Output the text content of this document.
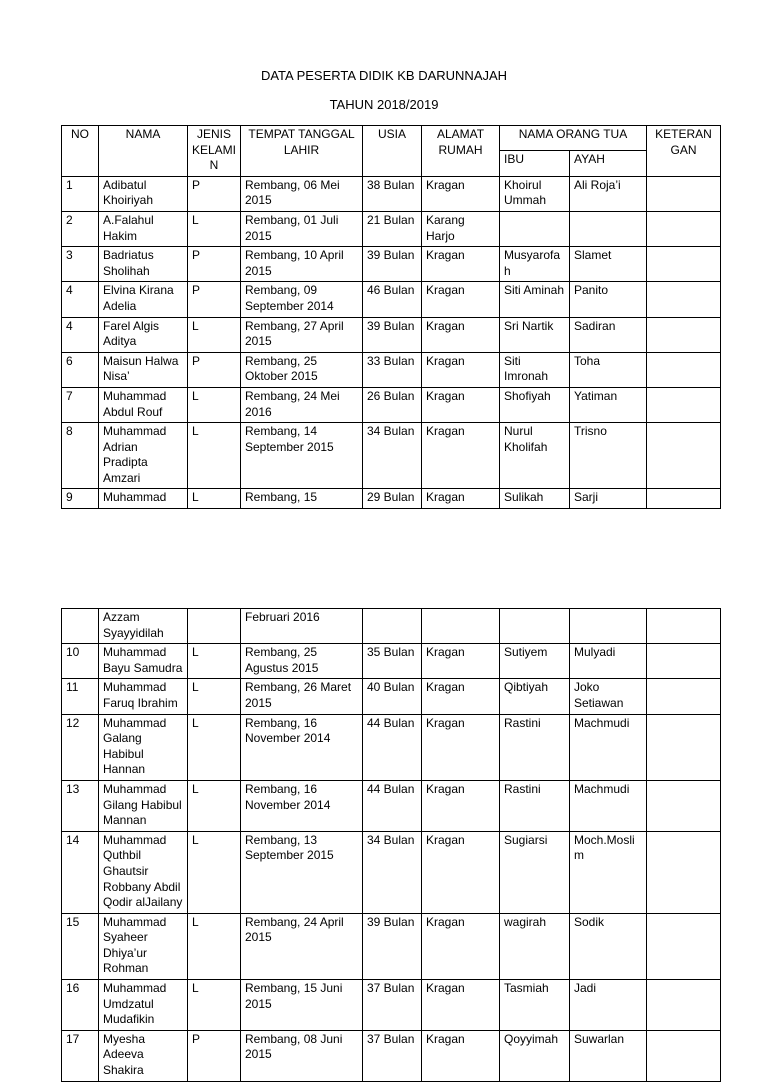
DATA PESERTA DIDIK KB DARUNNAJAH
TAHUN 2018/2019
NO	NAMA	JENIS KELAMIN	TEMPAT TANGGAL LAHIR	USIA	ALAMAT RUMAH	NAMA ORANG TUA		KETERANGAN
						IBU	AYAH	
1	Adibatul Khoiriyah	P	Rembang, 06 Mei 2015	38 Bulan	Kragan	Khoirul Ummah	Ali Roja’i	
2	A.Falahul Hakim	L	Rembang, 01 Juli 2015	21 Bulan	Karang Harjo			
3	Badriatus Sholihah	P	Rembang, 10 April 2015	39 Bulan	Kragan	Musyarofah	Slamet	
4	Elvina Kirana Adelia	P	Rembang, 09 September 2014	46 Bulan	Kragan	Siti Aminah	Panito	
4	Farel Algis Aditya	L	Rembang, 27 April 2015	39 Bulan	Kragan	Sri Nartik	Sadiran	
6	Maisun Halwa Nisa’	P	Rembang, 25 Oktober 2015	33 Bulan	Kragan	Siti Imronah	Toha	
7	Muhammad Abdul Rouf	L	Rembang, 24 Mei 2016	26 Bulan	Kragan	Shofiyah	Yatiman	
8	Muhammad Adrian Pradipta Amzari	L	Rembang, 14 September 2015	34 Bulan	Kragan	Nurul Kholifah	Trisno	
9	Muhammad	L	Rembang, 15	29 Bulan	Kragan	Sulikah	Sarji	
	Azzam Syayyidilah		Februari 2016					
10	Muhammad Bayu Samudra	L	Rembang, 25 Agustus 2015	35 Bulan	Kragan	Sutiyem	Mulyadi	
11	Muhammad Faruq Ibrahim	L	Rembang, 26 Maret 2015	40 Bulan	Kragan	Qibtiyah	Joko Setiawan	
12	Muhammad Galang Habibul Hannan	L	Rembang, 16 November 2014	44 Bulan	Kragan	Rastini	Machmudi	
13	Muhammad Gilang Habibul Mannan	L	Rembang, 16 November 2014	44 Bulan	Kragan	Rastini	Machmudi	
14	Muhammad Quthbil Ghautsir Robbany Abdil Qodir alJailany	L	Rembang, 13 September 2015	34 Bulan	Kragan	Sugiarsi	Moch.Moslim	
15	Muhammad Syaheer Dhiya’ur Rohman	L	Rembang, 24 April 2015	39 Bulan	Kragan	wagirah	Sodik	
16	Muhammad Umdzatul Mudafikin	L	Rembang, 15 Juni 2015	37 Bulan	Kragan	Tasmiah	Jadi	
17	Myesha Adeeva Shakira	P	Rembang, 08 Juni 2015	37 Bulan	Kragan	Qoyyimah	Suwarlan	
